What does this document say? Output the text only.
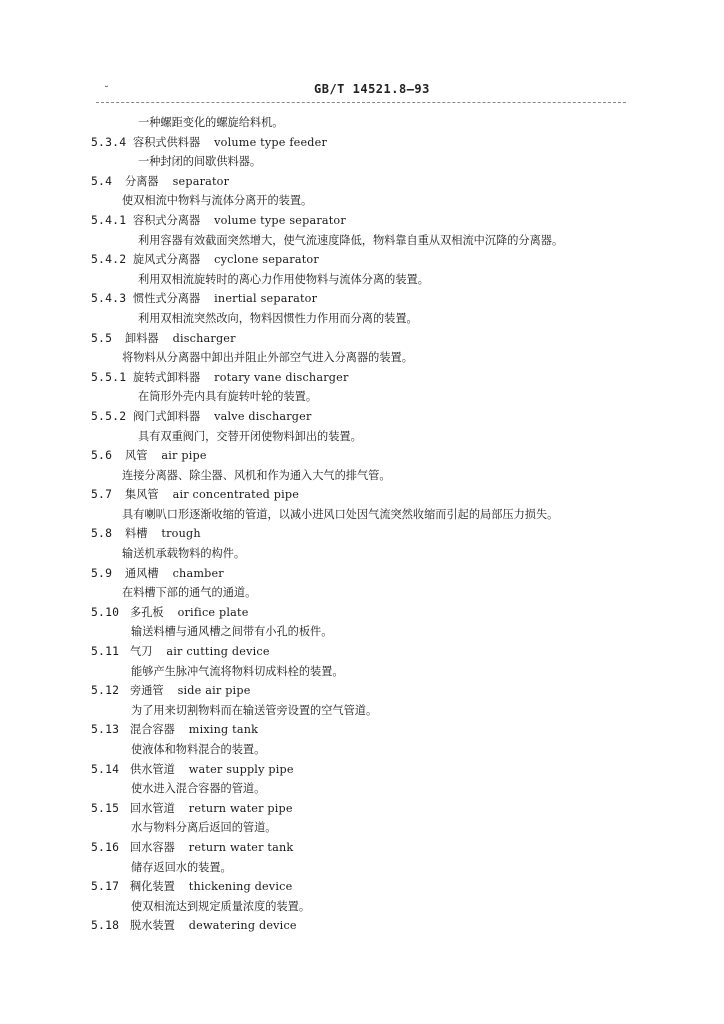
˘	GB/T 14521.8—93
一种螺距变化的螺旋给料机。
5.3.4 容积式供料器 volume type feeder
一种封闭的间歇供料器。
5.4 分离器 separator
使双相流中物料与流体分离开的装置。
5.4.1 容积式分离器 volume type separator
利用容器有效截面突然增大，使气流速度降低，物料靠自重从双相流中沉降的分离器。
5.4.2 旋风式分离器 cyclone separator
利用双相流旋转时的离心力作用使物料与流体分离的装置。
5.4.3 惯性式分离器 inertial separator
利用双相流突然改向，物料因惯性力作用而分离的装置。
5.5 卸料器 discharger
将物料从分离器中卸出并阻止外部空气进入分离器的装置。
5.5.1 旋转式卸料器 rotary vane discharger
在筒形外壳内具有旋转叶轮的装置。
5.5.2 阀门式卸料器 valve discharger
具有双重阀门，交替开闭使物料卸出的装置。
5.6 风管 air pipe
连接分离器、除尘器、风机和作为通入大气的排气管。
5.7 集风管 air concentrated pipe
具有喇叭口形逐渐收缩的管道，以减小进风口处因气流突然收缩而引起的局部压力损失。
5.8 料槽 trough
输送机承载物料的构件。
5.9 通风槽 chamber
在料槽下部的通气的通道。
5.10 多孔板 orifice plate
输送料槽与通风槽之间带有小孔的板件。
5.11 气刀 air cutting device
能够产生脉冲气流将物料切成料栓的装置。
5.12 旁通管 side air pipe
为了用来切割物料而在输送管旁设置的空气管道。
5.13 混合容器 mixing tank
使液体和物料混合的装置。
5.14 供水管道 water supply pipe
使水进入混合容器的管道。
5.15 回水管道 return water pipe
水与物料分离后返回的管道。
5.16 回水容器 return water tank
储存返回水的装置。
5.17 稠化装置 thickening device
使双相流达到规定质量浓度的装置。
5.18 脱水装置 dewatering device
